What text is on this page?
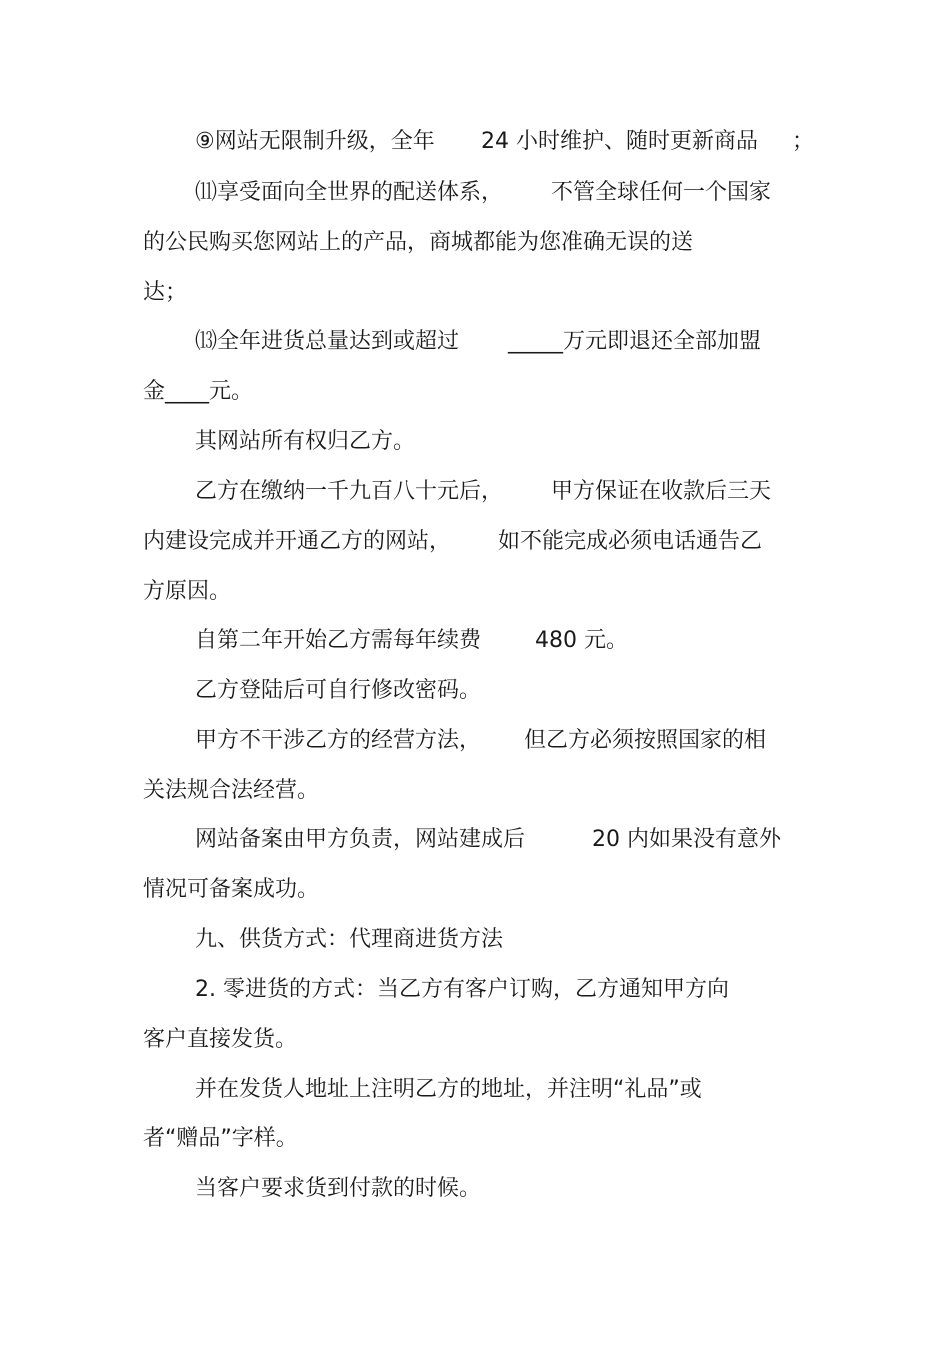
⑨网站无限制升级，全年 24 小时维护、随时更新商品 ；
⑾享受面向全世界的配送体系， 不管全球任何一个国家
的公民购买您网站上的产品，商城都能为您准确无误的送
达；
⒀全年进货总量达到或超过 _____万元即退还全部加盟
金____元。
其网站所有权归乙方。
乙方在缴纳一千九百八十元后， 甲方保证在收款后三天
内建设完成并开通乙方的网站， 如不能完成必须电话通告乙
方原因。
自第二年开始乙方需每年续费 480 元。
乙方登陆后可自行修改密码。
甲方不干涉乙方的经营方法， 但乙方必须按照国家的相
关法规合法经营。
网站备案由甲方负责，网站建成后	20 内如果没有意外
情况可备案成功。
九、供货方式：代理商进货方法
2. 零进货的方式：当乙方有客户订购，乙方通知甲方向
客户直接发货。
并在发货人地址上注明乙方的地址，并注明“礼品”或
者“赠品”字样。
当客户要求货到付款的时候。
